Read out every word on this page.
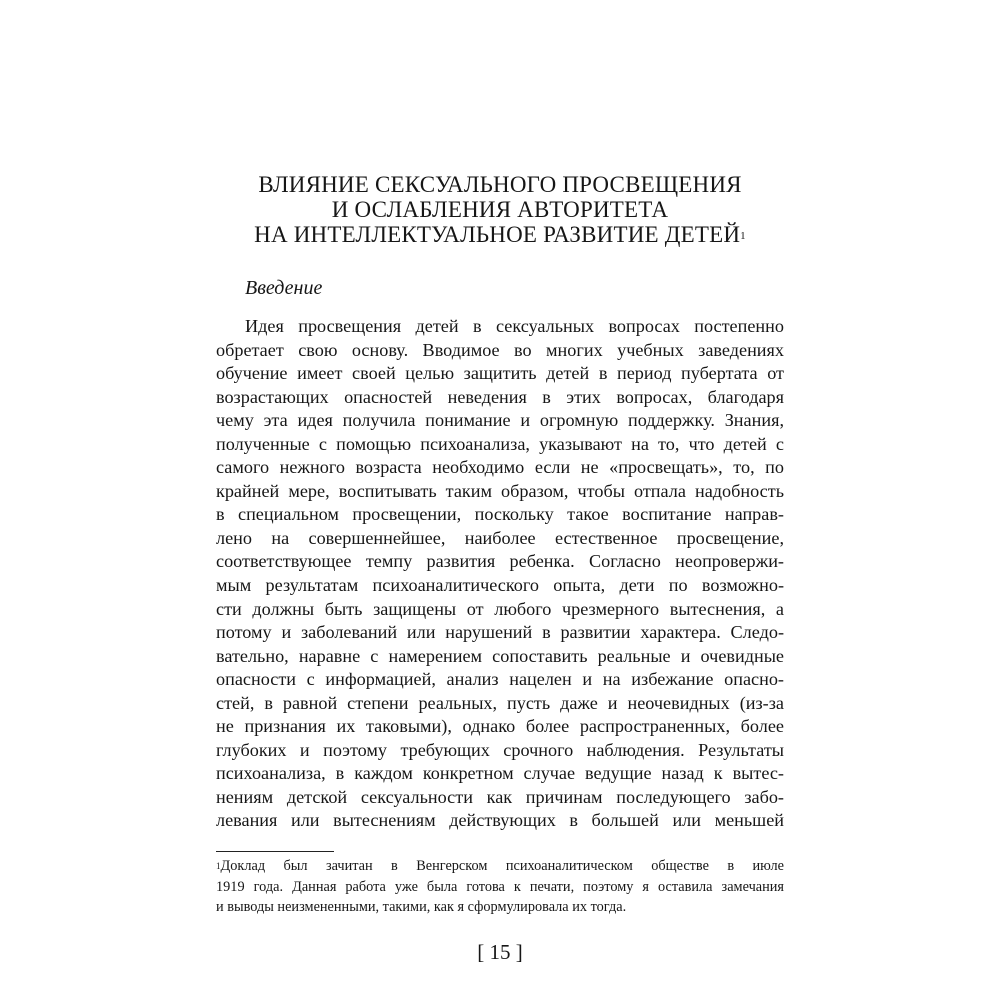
ВЛИЯНИЕ СЕКСУАЛЬНОГО ПРОСВЕЩЕНИЯ
И ОСЛАБЛЕНИЯ АВТОРИТЕТА
НА ИНТЕЛЛЕКТУАЛЬНОЕ РАЗВИТИЕ ДЕТЕЙ$^1$
Введение
Идея просвещения детей в сексуальных вопросах постепенно
обретает свою основу. Вводимое во многих учебных заведениях
обучение имеет своей целью защитить детей в период пубертата от
возрастающих опасностей неведения в этих вопросах, благодаря
чему эта идея получила понимание и огромную поддержку. Знания,
полученные с помощью психоанализа, указывают на то, что детей с
самого нежного возраста необходимо если не «просвещать», то, по
крайней мере, воспитывать таким образом, чтобы отпала надобность
в специальном просвещении, поскольку такое воспитание направ-
лено на совершеннейшее, наиболее естественное просвещение,
соответствующее темпу развития ребенка. Согласно неопровержи-
мым результатам психоаналитического опыта, дети по возможно-
сти должны быть защищены от любого чрезмерного вытеснения, а
потому и заболеваний или нарушений в развитии характера. Следо-
вательно, наравне с намерением сопоставить реальные и очевидные
опасности с информацией, анализ нацелен и на избежание опасно-
стей, в равной степени реальных, пусть даже и неочевидных (из-за
не признания их таковыми), однако более распространенных, более
глубоких и поэтому требующих срочного наблюдения. Результаты
психоанализа, в каждом конкретном случае ведущие назад к вытес-
нениям детской сексуальности как причинам последующего забо-
левания или вытеснениям действующих в большей или меньшей
$^1$Доклад был зачитан в Венгерском психоаналитическом обществе в июле
1919 года. Данная работа уже была готова к печати, поэтому я оставила замечания
и выводы неизмененными, такими, как я сформулировала их тогда.
[ 15 ]
